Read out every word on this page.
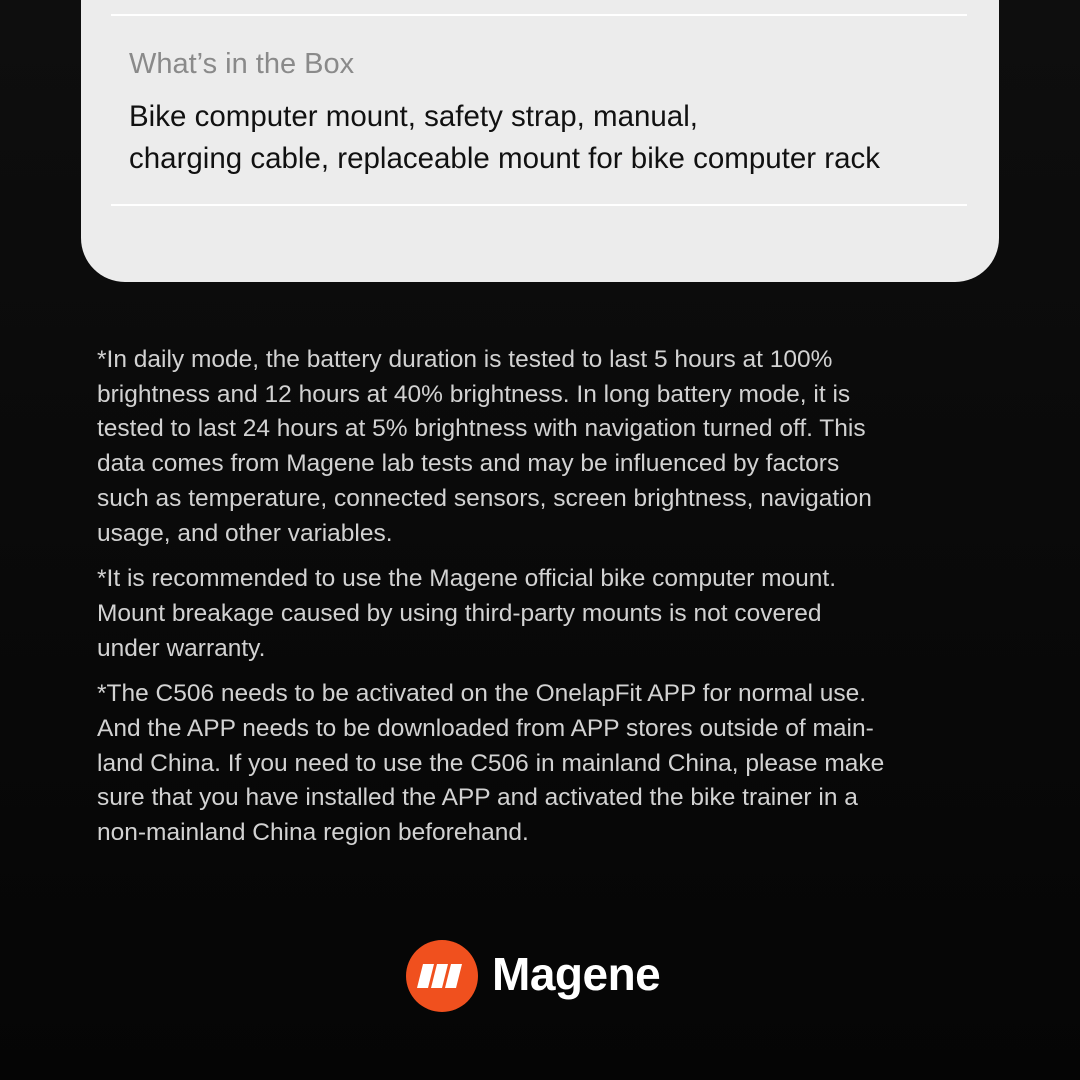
What’s in the Box

Bike computer mount, safety strap, manual,
charging cable, replaceable mount for bike computer rack

*In daily mode, the battery duration is tested to last 5 hours at 100%
brightness and 12 hours at 40% brightness. In long battery mode, it is
tested to last 24 hours at 5% brightness with navigation turned off. This
data comes from Magene lab tests and may be influenced by factors
such as temperature, connected sensors, screen brightness, navigation
usage, and other variables.

*It is recommended to use the Magene official bike computer mount.
Mount breakage caused by using third-party mounts is not covered
under warranty.

*The C506 needs to be activated on the OnelapFit APP for normal use.
And the APP needs to be downloaded from APP stores outside of main-
land China. If you need to use the C506 in mainland China, please make
sure that you have installed the APP and activated the bike trainer in a
non-mainland China region beforehand.

Magene
